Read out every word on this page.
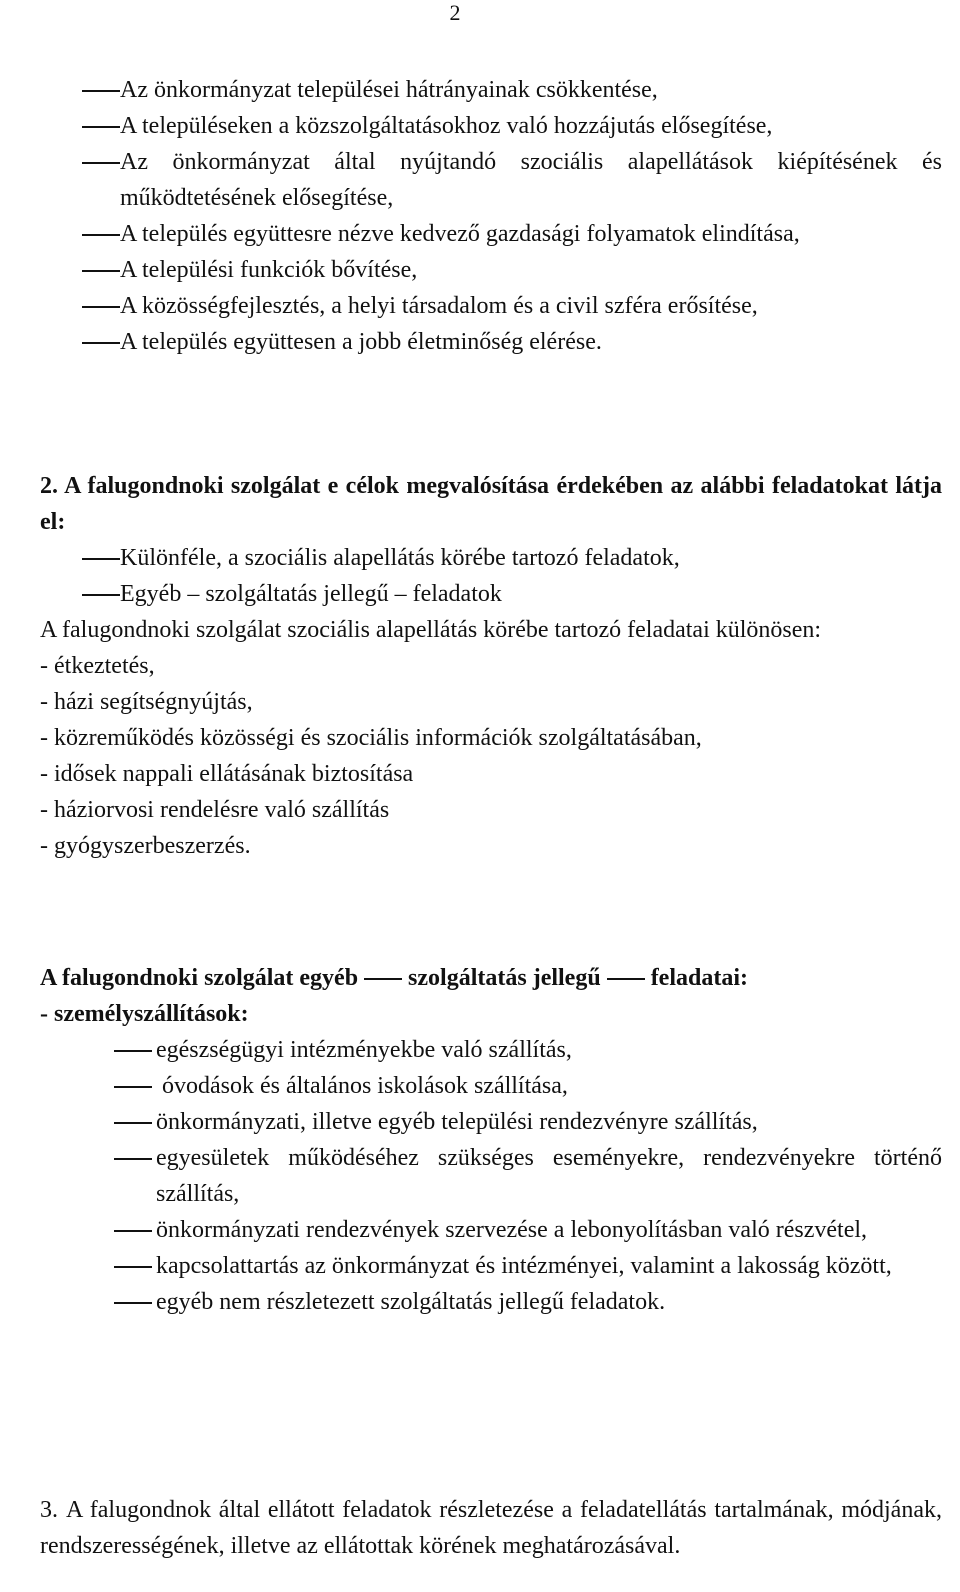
2
Az önkormányzat települései hátrányainak csökkentése,
A településeken a közszolgáltatásokhoz való hozzájutás elősegítése,
Az önkormányzat által nyújtandó szociális alapellátások kiépítésének és működtetésének elősegítése,
A település együttesre nézve kedvező gazdasági folyamatok elindítása,
A települési funkciók bővítése,
A közösségfejlesztés, a helyi társadalom és a civil szféra erősítése,
A település együttesen a jobb életminőség elérése.

2. A falugondnoki szolgálat e célok megvalósítása érdekében az alábbi feladatokat látja el:

Különféle, a szociális alapellátás körébe tartozó feladatok,
Egyéb – szolgáltatás jellegű – feladatok

A falugondnoki szolgálat szociális alapellátás körébe tartozó feladatai különösen:

- étkeztetés,

- házi segítségnyújtás,

- közreműködés közösségi és szociális információk szolgáltatásában,

- idősek nappali ellátásának biztosítása

- háziorvosi rendelésre való szállítás

- gyógyszerbeszerzés.

A falugondnoki szolgálat egyéb szolgáltatás jellegű feladatai:

- személyszállítások:

egészségügyi intézményekbe való szállítás,
óvodások és általános iskolások szállítása,
önkormányzati, illetve egyéb települési rendezvényre szállítás,
egyesületek működéséhez szükséges eseményekre, rendezvényekre történő szállítás,
önkormányzati rendezvények szervezése a lebonyolításban való részvétel,
kapcsolattartás az önkormányzat és intézményei, valamint a lakosság között,
egyéb nem részletezett szolgáltatás jellegű feladatok.

3. A falugondnok által ellátott feladatok részletezése a feladatellátás tartalmának, módjának, rendszerességének, illetve az ellátottak körének meghatározásával.
